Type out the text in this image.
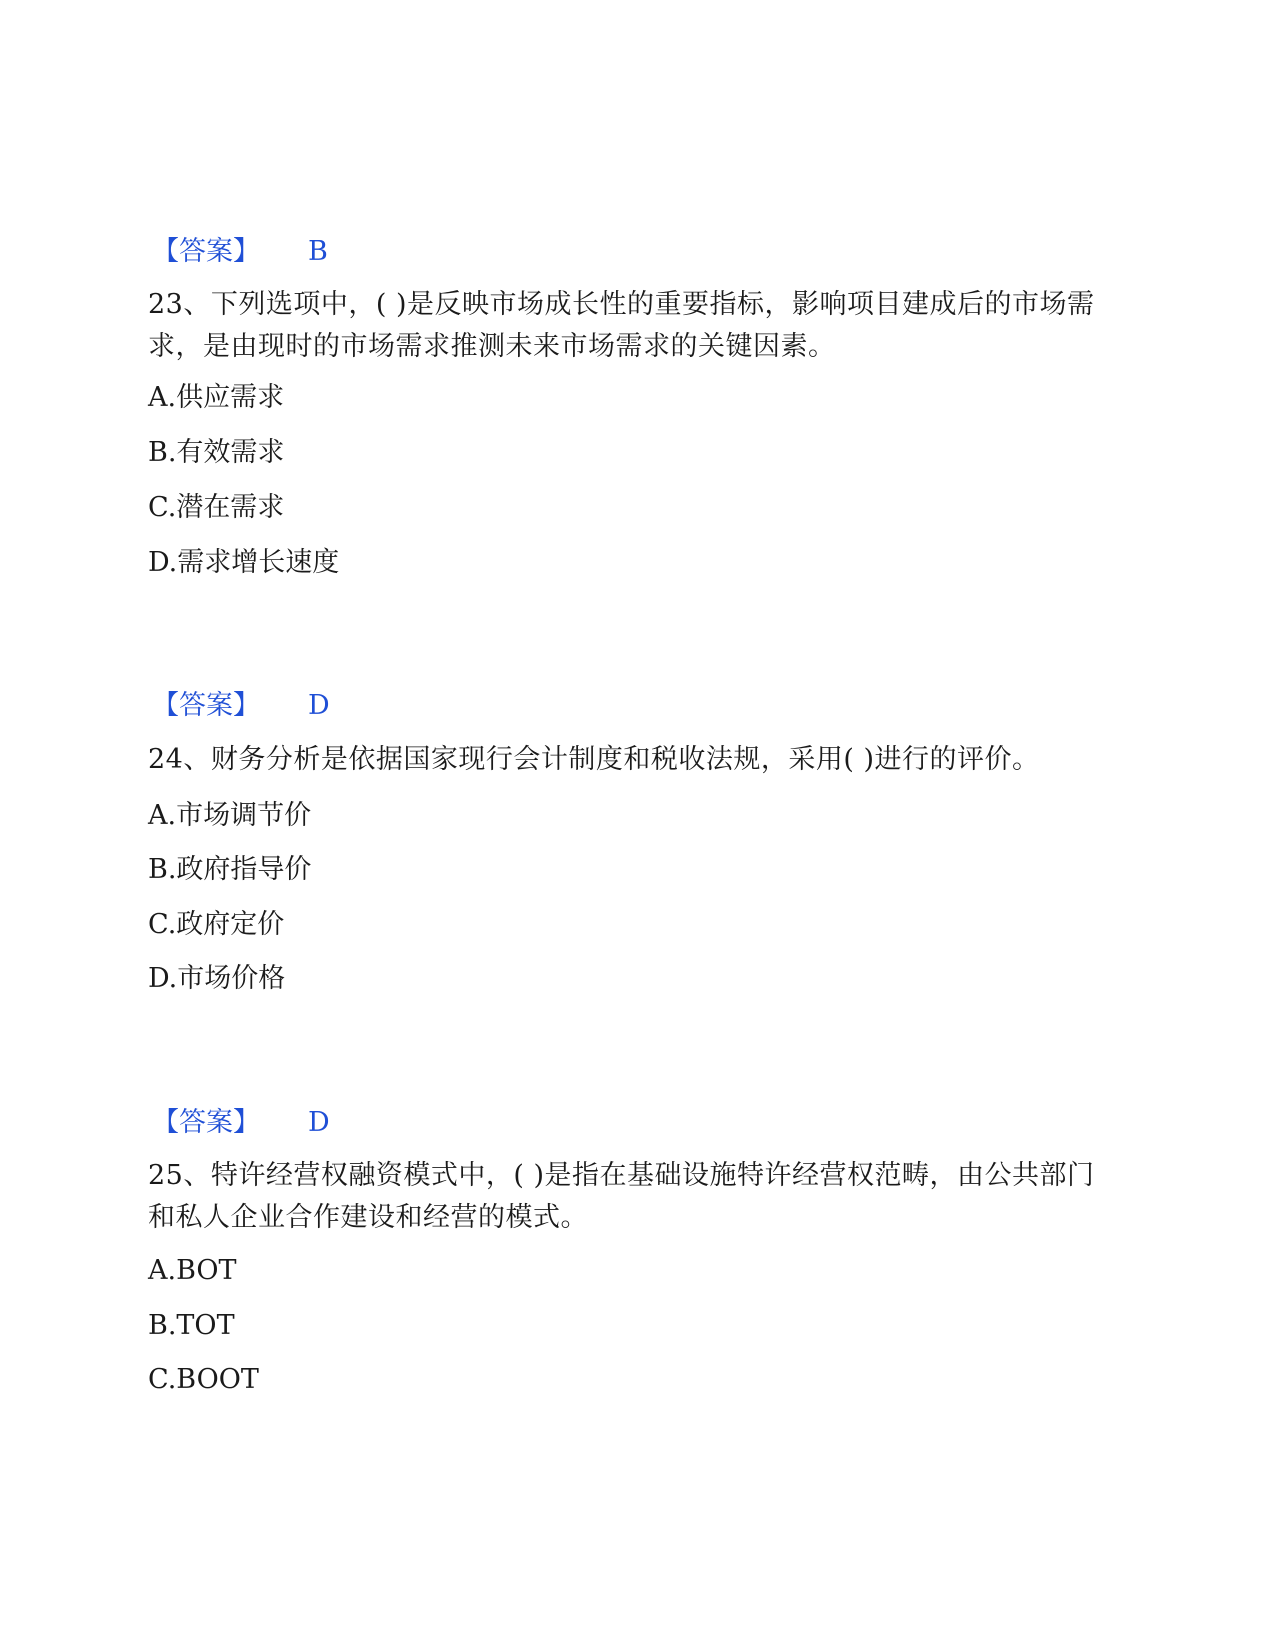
【答案】 B
23、下列选项中，( )是反映市场成长性的重要指标，影响项目建成后的市场需求，是由现时的市场需求推测未来市场需求的关键因素。
A.供应需求
B.有效需求
C.潜在需求
D.需求增长速度
【答案】 D
24、财务分析是依据国家现行会计制度和税收法规，采用( )进行的评价。
A.市场调节价
B.政府指导价
C.政府定价
D.市场价格
【答案】 D
25、特许经营权融资模式中，( )是指在基础设施特许经营权范畴，由公共部门和私人企业合作建设和经营的模式。
A.BOT
B.TOT
C.BOOT
